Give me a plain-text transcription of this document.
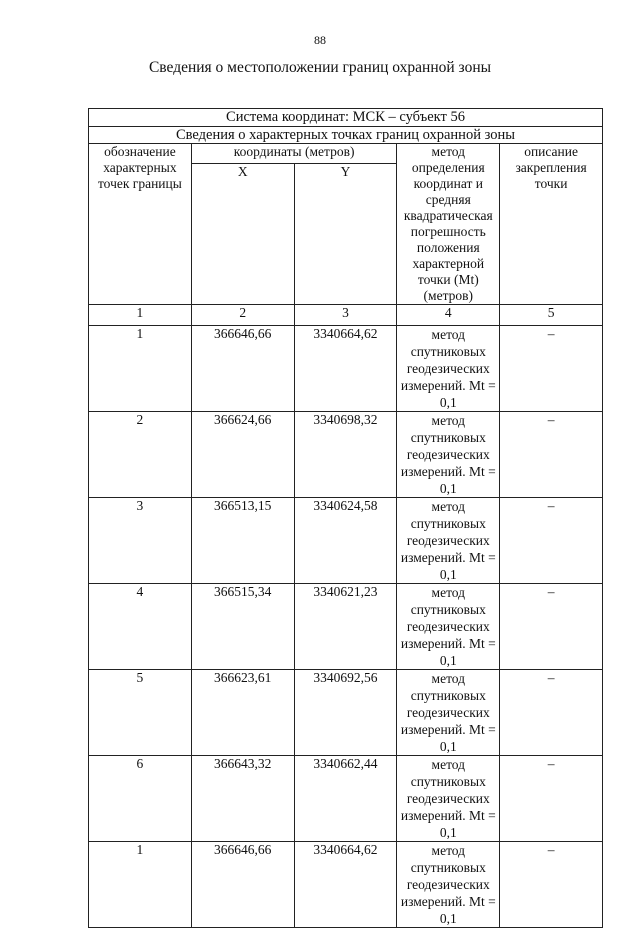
88
Сведения о местоположении границ охранной зоны
Система координат: МСК – субъект 56				
Сведения о характерных точках границ охранной зоны				
обозначение характерных точек границы	координаты (метров)		метод определения координат и средняя квадратическая погрешность положения характерной точки (Mt) (метров)	описание закрепления точки
	X	Y		
1	2	3	4	5
1	366646,66	3340664,62	метод спутниковых геодезических измерений. Mt = 0,1	–
2	366624,66	3340698,32	метод спутниковых геодезических измерений. Mt = 0,1	–
3	366513,15	3340624,58	метод спутниковых геодезических измерений. Mt = 0,1	–
4	366515,34	3340621,23	метод спутниковых геодезических измерений. Mt = 0,1	–
5	366623,61	3340692,56	метод спутниковых геодезических измерений. Mt = 0,1	–
6	366643,32	3340662,44	метод спутниковых геодезических измерений. Mt = 0,1	–
1	366646,66	3340664,62	метод спутниковых геодезических измерений. Mt = 0,1	–
